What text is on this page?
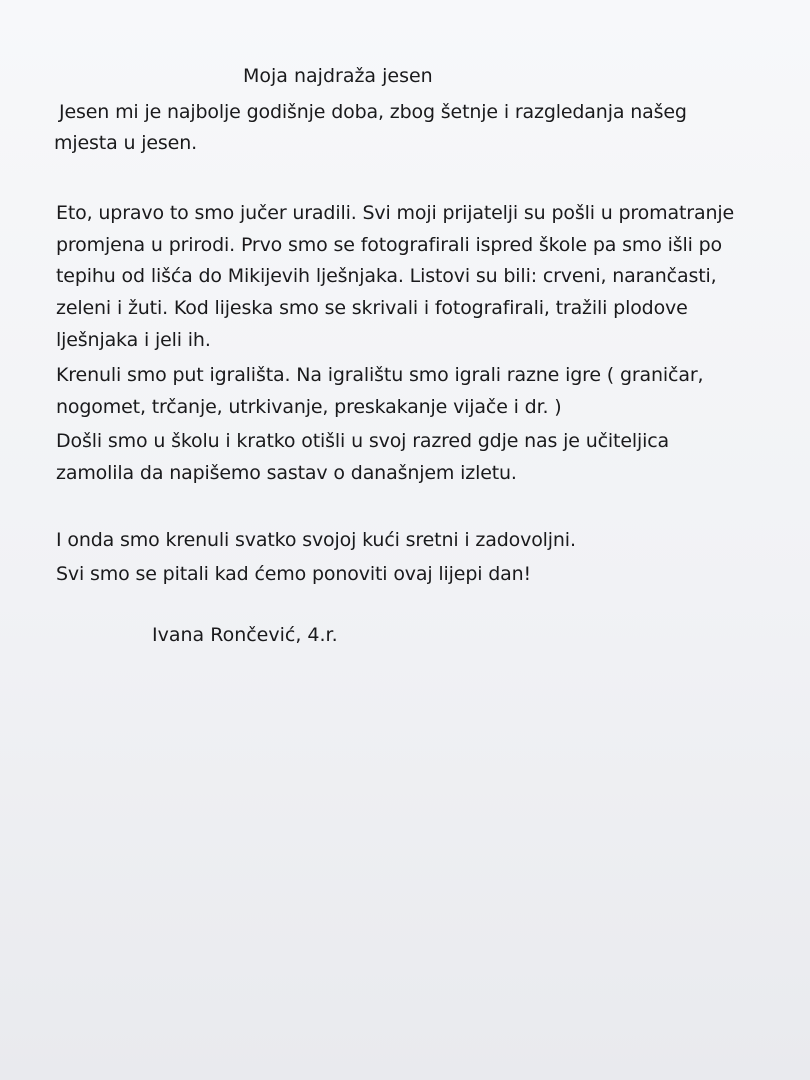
Moja najdraža jesen
Jesen mi je najbolje godišnje doba, zbog šetnje i razgledanja našeg
mjesta u jesen.
Eto, upravo to smo jučer uradili. Svi moji prijatelji su pošli u promatranje
promjena u prirodi. Prvo smo se fotografirali ispred škole pa smo išli po
tepihu od lišća do Mikijevih lješnjaka. Listovi su bili: crveni, narančasti,
zeleni i žuti. Kod lijeska smo se skrivali i fotografirali, tražili plodove
lješnjaka i jeli ih.
Krenuli smo put igrališta. Na igralištu smo igrali razne igre ( graničar,
nogomet, trčanje, utrkivanje, preskakanje vijače i dr. )
Došli smo u školu i kratko otišli u svoj razred gdje nas je učiteljica
zamolila da napišemo sastav o današnjem izletu.
I onda smo krenuli svatko svojoj kući sretni i zadovoljni.
Svi smo se pitali kad ćemo ponoviti ovaj lijepi dan!
Ivana Rončević, 4.r.
